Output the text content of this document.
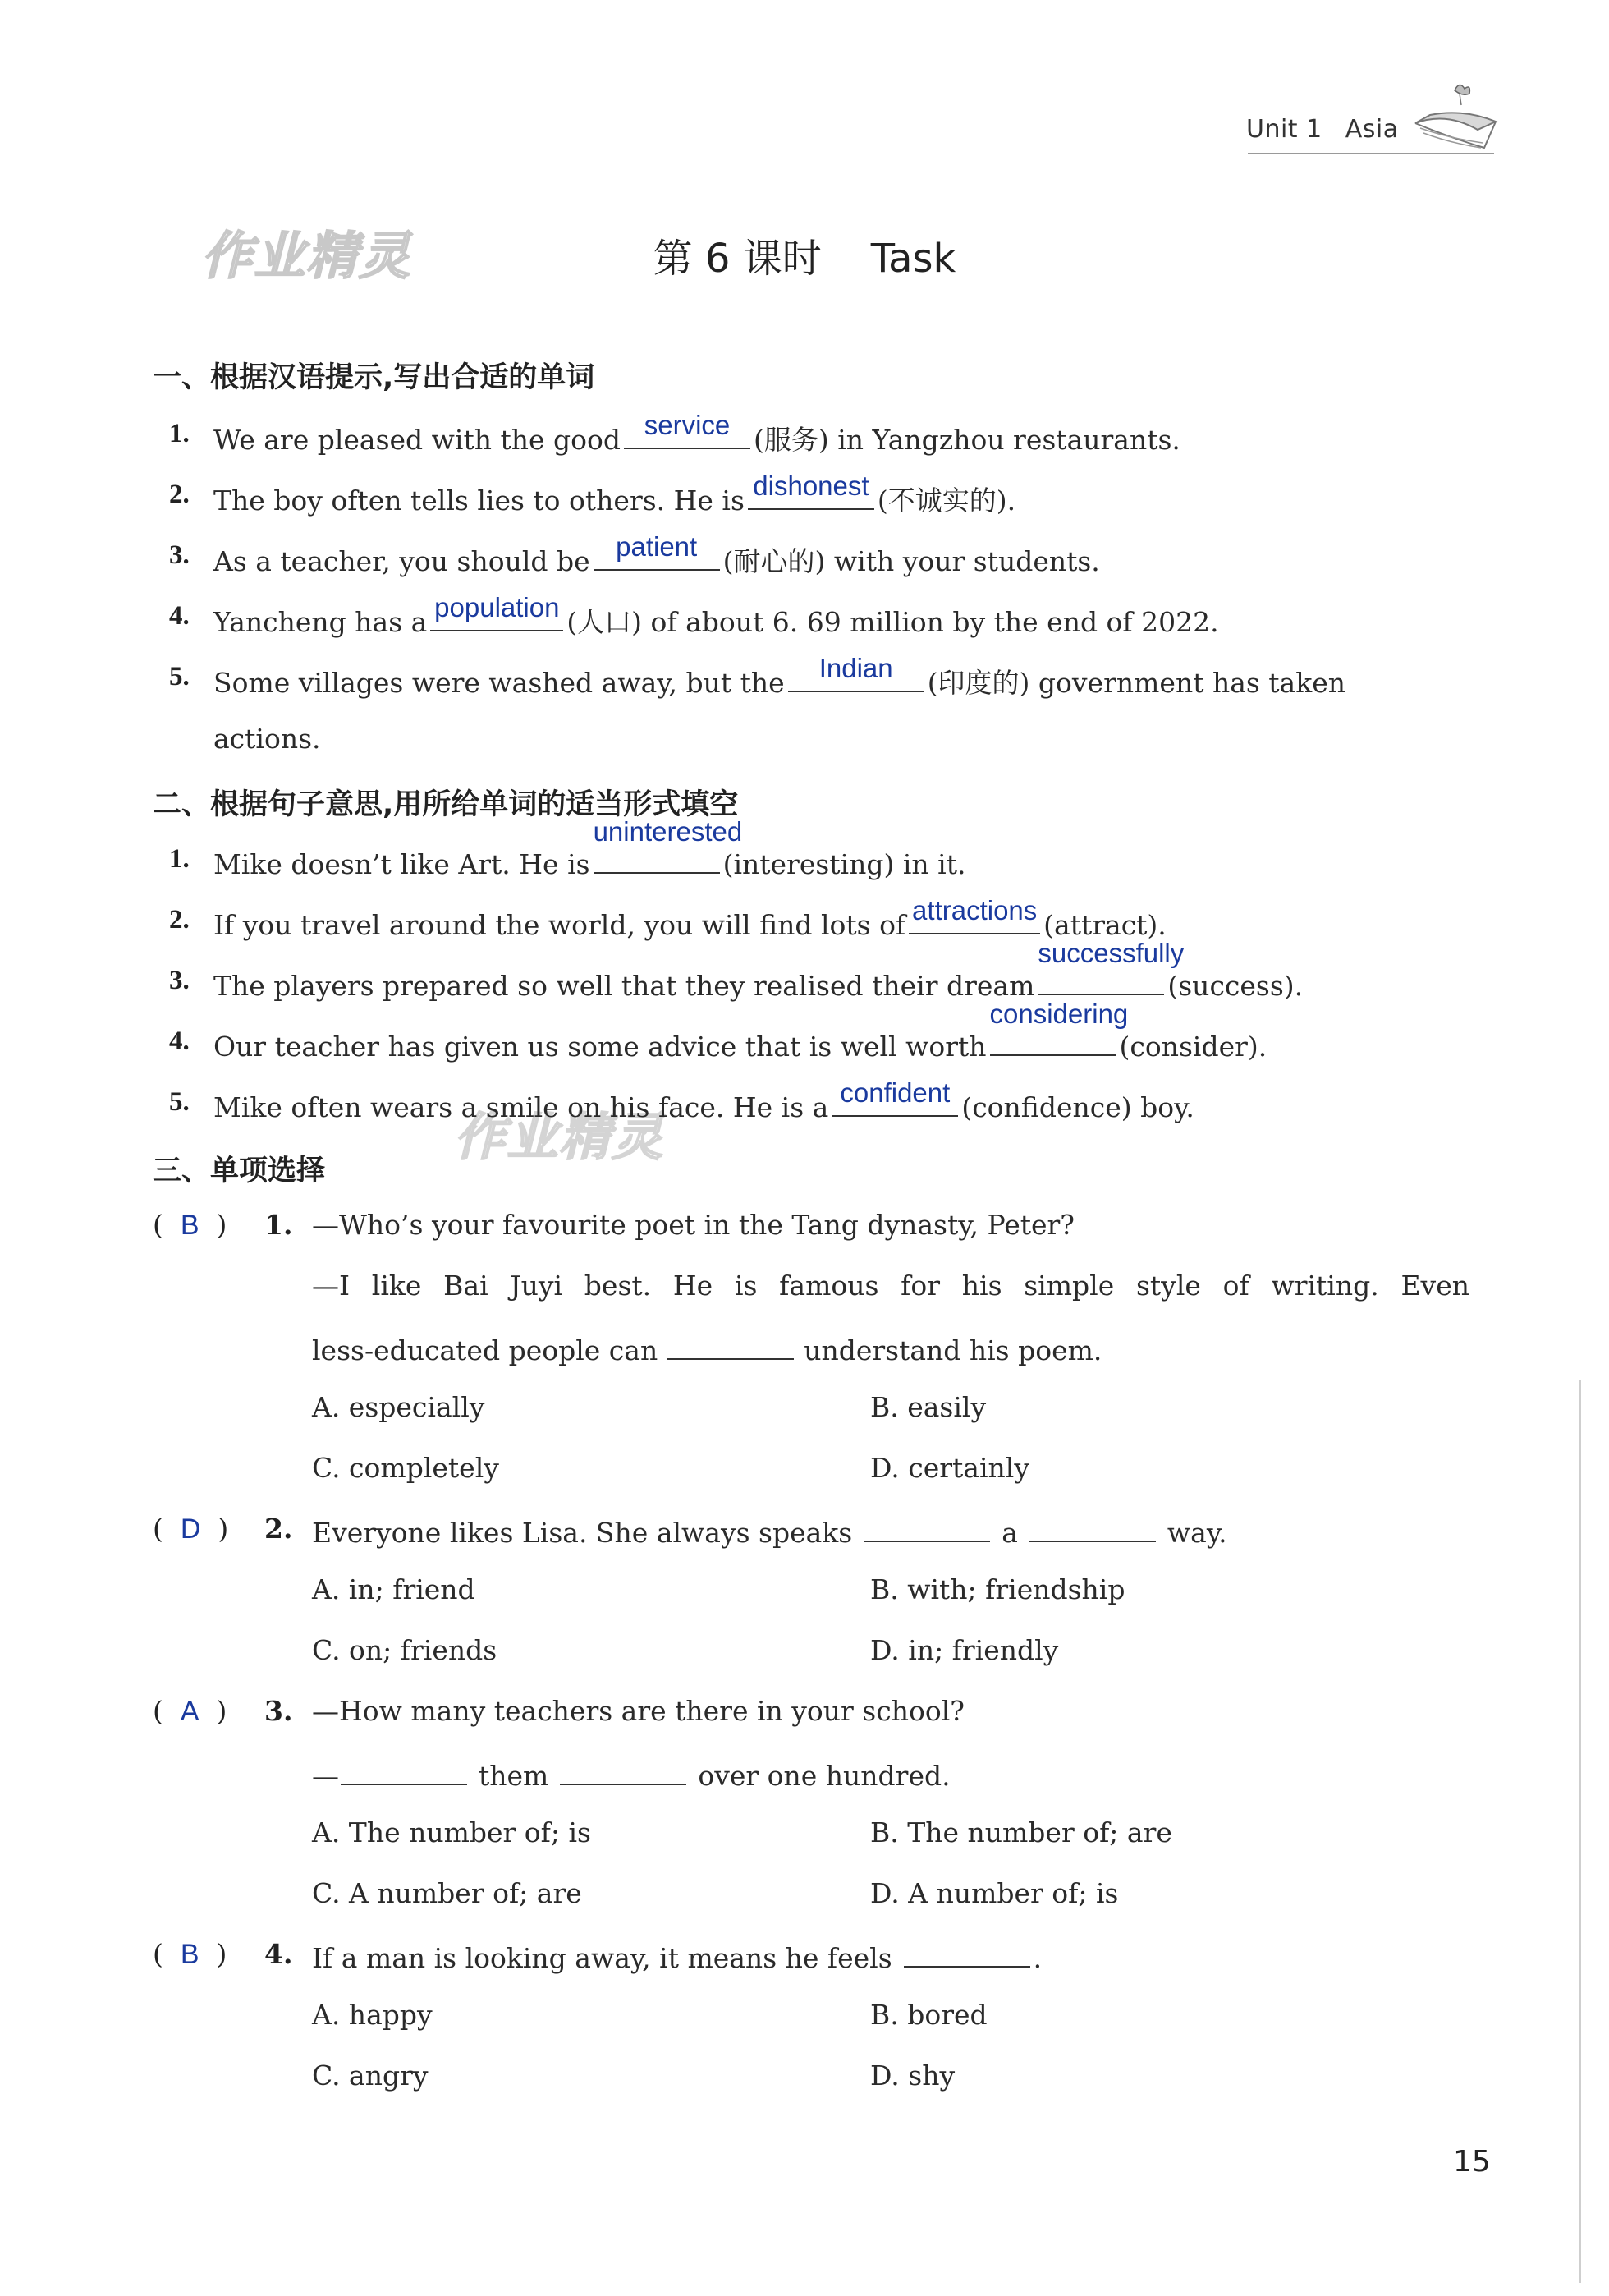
Unit 1 Asia
作业精灵
作业精灵
第 6 课时 Task
一、根据汉语提示,写出合适的单词
1. We are pleased with the good service (服务) in Yangzhou restaurants.
2. The boy often tells lies to others. He is dishonest (不诚实的).
3. As a teacher, you should be patient (耐心的) with your students.
4. Yancheng has a population (人口) of about 6. 69 million by the end of 2022.
5. Some villages were washed away, but the	Indian	(印度的) government has taken
actions.
二、根据句子意思,用所给单词的适当形式填空
1. Mike doesn’t like Art. He is
uninterested
(interesting) in it.
2. If you travel around the world, you will find lots of attractions (attract).
3. The players prepared so well that they realised their dream
successfully
(success).
4. Our teacher has given us some advice that is well worth
considering
(consider).
5. Mike often wears a smile on his face. He is a confident (confidence) boy.
三、单项选择
(  B  ) 1. —Who’s your favourite poet in the Tang dynasty, Peter?
—I like Bai Juyi best. He is famous for his simple style of writing. Even
less-educated people can	understand his poem.
A. especially	B. easily
C. completely	D. certainly
(  D  ) 2. Everyone likes Lisa. She always speaks	a	way.
A. in; friend	B. with; friendship
C. on; friends	D. in; friendly
(  A  ) 3. —How many teachers are there in your school?
—	them	over one hundred.
A. The number of; is	B. The number of; are
C. A number of; are	D. A number of; is
(  B  ) 4. If a man is looking away, it means he feels	.
A. happy	B. bored
C. angry	D. shy
15
